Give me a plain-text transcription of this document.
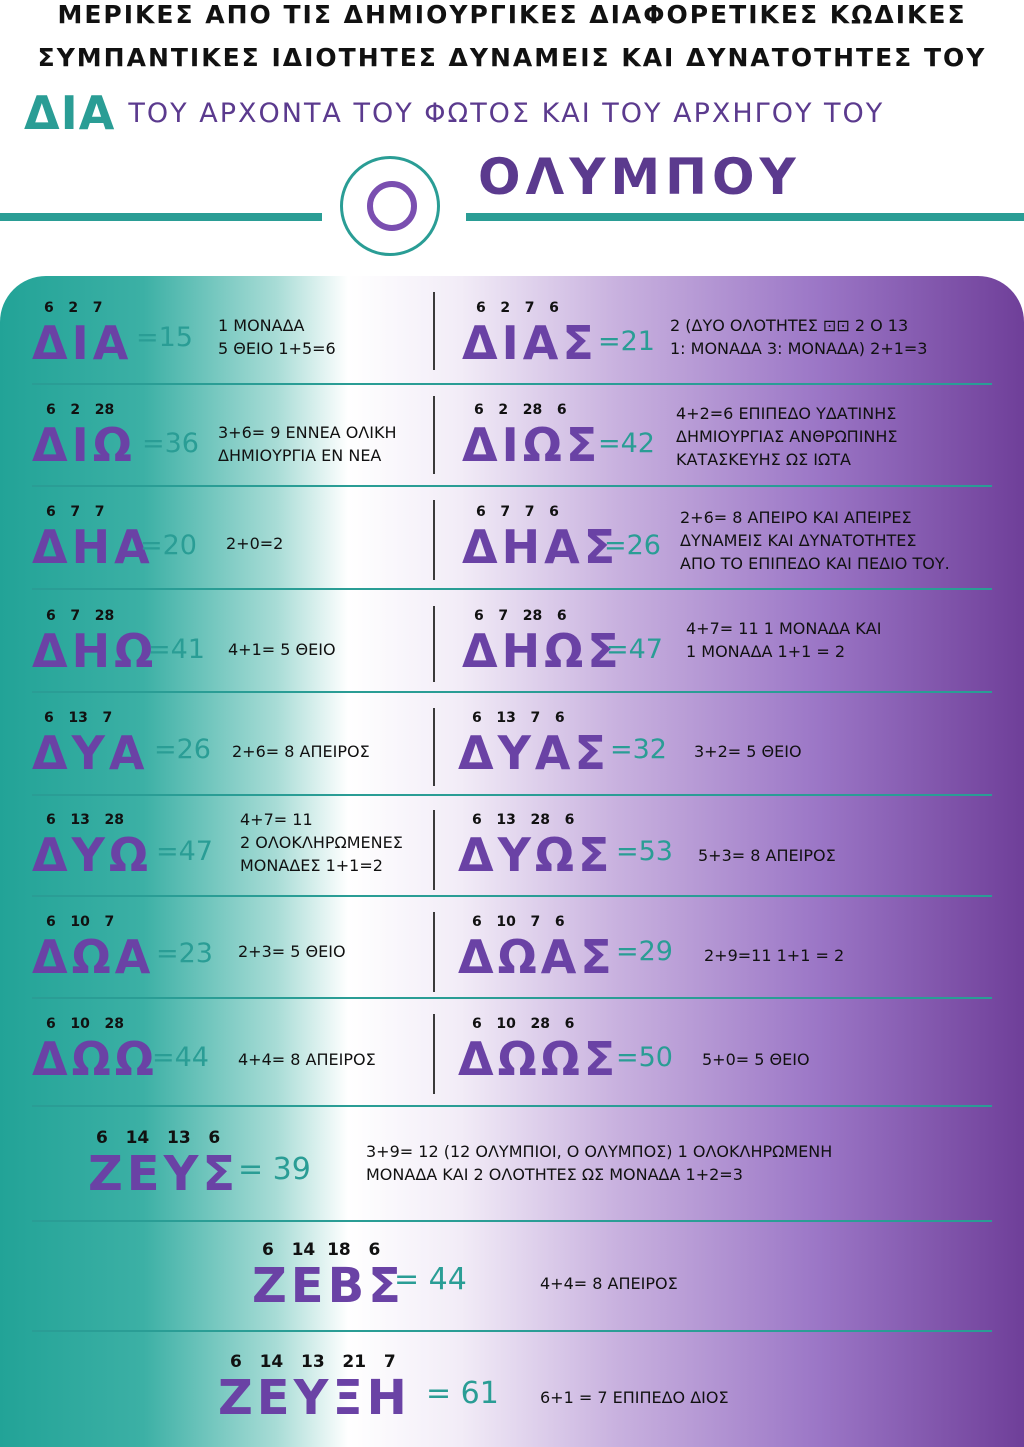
ΜΕΡΙΚΕΣ ΑΠΟ ΤΙΣ ΔΗΜΙΟΥΡΓΙΚΕΣ ΔΙΑΦΟΡΕΤΙΚΕΣ ΚΩΔΙΚΕΣ
ΣΥΜΠΑΝΤΙΚΕΣ ΙΔΙΟΤΗΤΕΣ ΔΥΝΑΜΕΙΣ ΚΑΙ ΔΥΝΑΤΟΤΗΤΕΣ ΤΟΥ
ΔΙΑ ΤΟΥ ΑΡΧΟΝΤΑ ΤΟΥ ΦΩΤΟΣ ΚΑΙ ΤΟΥ ΑΡΧΗΓΟΥ ΤΟΥ
ΟΛΥΜΠΟΥ
6   2   7
ΔΙΑ =15 1 ΜΟΝΑΔΑ
5 ΘΕΙΟ 1+5=6
6   2   7   6
ΔΙΑΣ =21
2 (ΔΥΟ ΟΛΟΤΗΤΕΣ ⊡⊡ 2 Ο 13
1: ΜΟΝΑΔΑ 3: ΜΟΝΑΔΑ) 2+1=3
6   2   28
ΔΙΩ =36 3+6= 9 ΕΝΝΕΑ ΟΛΙΚΗ
ΔΗΜΙΟΥΡΓΙΑ ΕΝ ΝΕΑ
6   2   28   6
ΔΙΩΣ
=42
4+2=6 ΕΠΙΠΕΔΟ ΥΔΑΤΙΝΗΣ
ΔΗΜΙΟΥΡΓΙΑΣ ΑΝΘΡΩΠΙΝΗΣ
ΚΑΤΑΣΚΕΥΗΣ ΩΣ ΙΩΤΑ
6   7   7
ΔΗΑ
=20 2+0=2
6   7   7   6
ΔΗΑΣ
=26
2+6= 8 ΑΠΕΙΡΟ ΚΑΙ ΑΠΕΙΡΕΣ
ΔΥΝΑΜΕΙΣ ΚΑΙ ΔΥΝΑΤΟΤΗΤΕΣ
ΑΠΟ ΤΟ ΕΠΙΠΕΔΟ ΚΑΙ ΠΕΔΙΟ ΤΟΥ.
6   7   28
ΔΗΩ
=41 4+1= 5 ΘΕΙΟ
6   7   28   6
ΔΗΩΣ
=47
4+7= 11 1 ΜΟΝΑΔΑ ΚΑΙ
1 ΜΟΝΑΔΑ 1+1 = 2
6   13   7
ΔΥΑ =26 2+6= 8 ΑΠΕΙΡΟΣ
6   13   7   6
ΔΥΑΣ =32 3+2= 5 ΘΕΙΟ
6   13   28
ΔΥΩ =47
4+7= 11
2 ΟΛΟΚΛΗΡΩΜΕΝΕΣ
ΜΟΝΑΔΕΣ 1+1=2
6   13   28   6
ΔΥΩΣ =53 5+3= 8 ΑΠΕΙΡΟΣ
6   10   7
ΔΩΑ =23 2+3= 5 ΘΕΙΟ
6   10   7   6
ΔΩΑΣ =29 2+9=11 1+1 = 2
6   10   28
ΔΩΩ
=44 4+4= 8 ΑΠΕΙΡΟΣ
6   10   28   6
ΔΩΩΣ
=50 5+0= 5 ΘΕΙΟ
6   14   13   6
ΖΕΥΣ
= 39
3+9= 12 (12 ΟΛΥΜΠΙΟΙ, Ο ΟΛΥΜΠΟΣ) 1 ΟΛΟΚΛΗΡΩΜΕΝΗ
ΜΟΝΑΔΑ ΚΑΙ 2 ΟΛΟΤΗΤΕΣ ΩΣ ΜΟΝΑΔΑ 1+2=3
6   14  18   6
ΖΕΒΣ
= 44	4+4= 8 ΑΠΕΙΡΟΣ
6   14   13   21   7
ΖΕΥΞΗ = 61	6+1 = 7 ΕΠΙΠΕΔΟ ΔΙΟΣ
